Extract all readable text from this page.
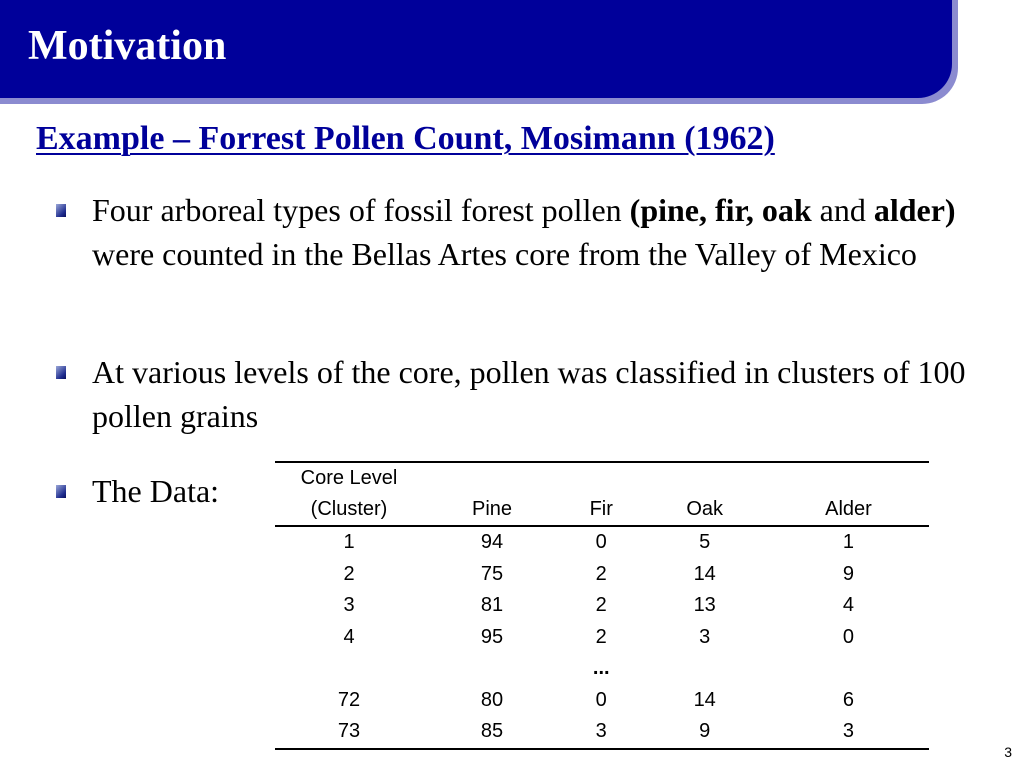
Motivation
Example – Forrest Pollen Count, Mosimann (1962)
Four arboreal types of fossil forest pollen (pine, fir, oak and alder) were counted in the Bellas Artes core from the Valley of Mexico
At various levels of the core, pollen was classified in clusters of 100 pollen grains
The Data:	Core Level
(Cluster)	Pine	Fir	Oak	Alder
1	94	0	5	1
2	75	2	14	9
3	81	2	13	4
4	95	2	3	0
		...		
72	80	0	14	6
73	85	3	9	3
3
